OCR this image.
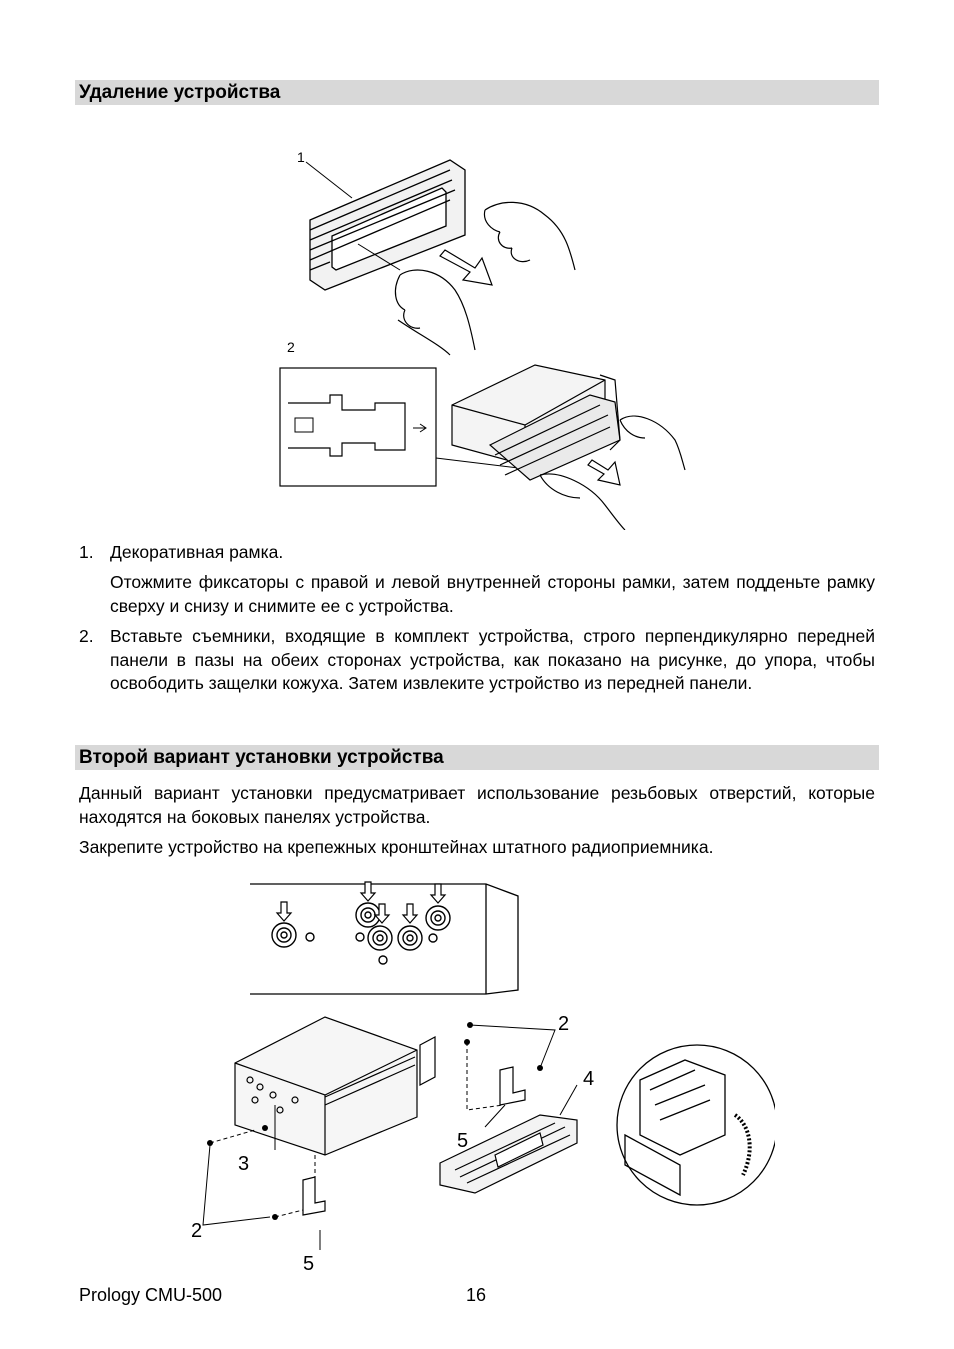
Удаление устройства
1
2
1. Декоративная рамка.
Отожмите фиксаторы с правой и левой внутренней стороны рамки, затем подденьте рамку сверху и снизу и снимите ее с устройства.
2. Вставьте съемники, входящие в комплект устройства, строго перпендикулярно передней панели в пазы на обеих сторонах устройства, как показано на рисунке, до упора, чтобы освободить защелки кожуха. Затем извлеките устройство из передней панели.
Второй вариант установки устройства
Данный вариант установки предусматривает использование резьбовых отверстий, которые находятся на боковых панелях устройства.
Закрепите устройство на крепежных кронштейнах штатного радиоприемника.
2
4
5
3
2
5
Prology CMU-500	16
